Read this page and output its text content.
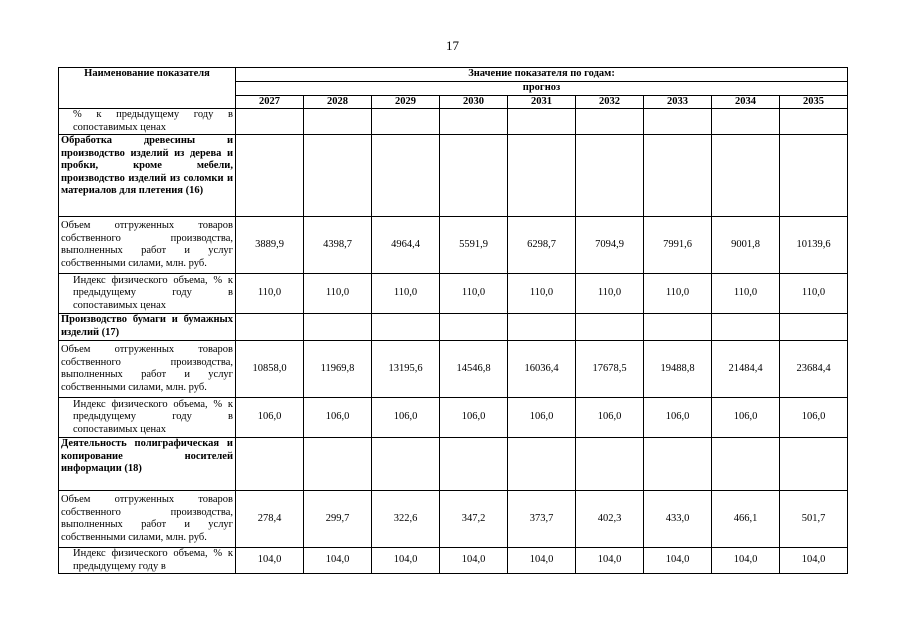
17
Наименование показателя	Значение показателя по годам:								
	прогноз								
	2027	2028	2029	2030	2031	2032	2033	2034	2035
% к предыдущему году в сопоставимых ценах									
Обработка древесины и производство изделий из дерева и пробки, кроме мебели, производство изделий из соломки и материалов для плетения (16)									
Объем отгруженных товаров собственного производства, выполненных работ и услуг собственными силами, млн. руб.	3889,9	4398,7	4964,4	5591,9	6298,7	7094,9	7991,6	9001,8	10139,6
Индекс физического объема, % к предыдущему году в сопоставимых ценах	110,0	110,0	110,0	110,0	110,0	110,0	110,0	110,0	110,0
Производство бумаги и бумажных изделий (17)									
Объем отгруженных товаров собственного производства, выполненных работ и услуг собственными силами, млн. руб.	10858,0	11969,8	13195,6	14546,8	16036,4	17678,5	19488,8	21484,4	23684,4
Индекс физического объема, % к предыдущему году в сопоставимых ценах	106,0	106,0	106,0	106,0	106,0	106,0	106,0	106,0	106,0
Деятельность полиграфическая и копирование носителей информации (18)									
Объем отгруженных товаров собственного производства, выполненных работ и услуг собственными силами, млн. руб.	278,4	299,7	322,6	347,2	373,7	402,3	433,0	466,1	501,7
Индекс физического объема, % к предыдущему году в	104,0	104,0	104,0	104,0	104,0	104,0	104,0	104,0	104,0
